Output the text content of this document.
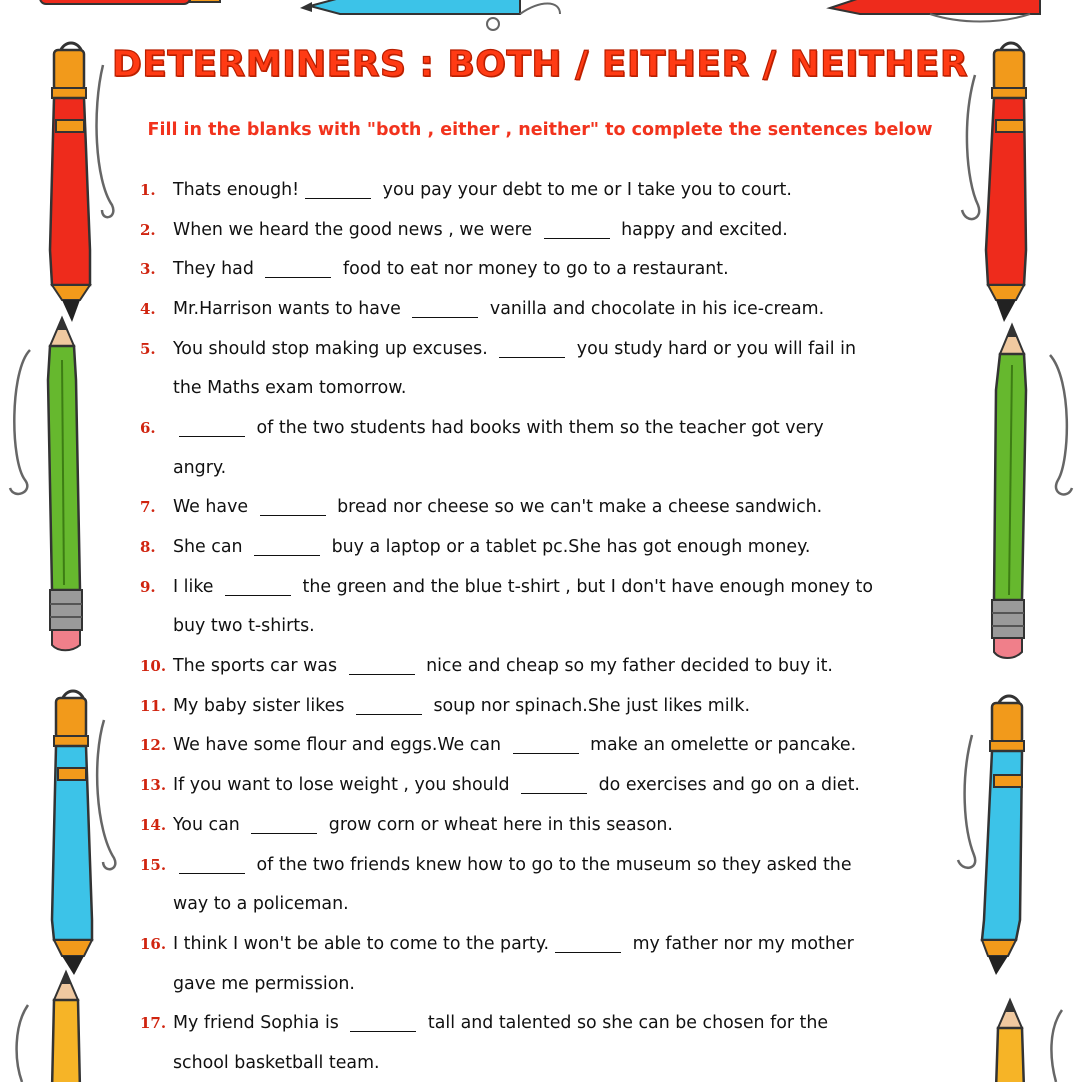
DETERMINERS : BOTH / EITHER / NEITHER
Fill in the blanks with "both , either , neither" to complete the sentences below
1. Thats enough!	you pay your debt to me or I take you to court.
2. When we heard the good news , we were	happy and excited.
3. They had	food to eat nor money to go to a restaurant.
4. Mr.Harrison wants to have	vanilla and chocolate in his ice-cream.
5. You should stop making up excuses.	you study hard or you will fail in
the Maths exam tomorrow.
6.	of the two students had books with them so the teacher got very
angry.
7. We have	bread nor cheese so we can't make a cheese sandwich.
8. She can	buy a laptop or a tablet pc.She has got enough money.
9. I like	the green and the blue t-shirt , but I don't have enough money to
buy two t-shirts.
10. The sports car was	nice and cheap so my father decided to buy it.
11. My baby sister likes	soup nor spinach.She just likes milk.
12. We have some flour and eggs.We can	make an omelette or pancake.
13. If you want to lose weight , you should	do exercises and go on a diet.
14. You can	grow corn or wheat here in this season.
15.	of the two friends knew how to go to the museum so they asked the
way to a policeman.
16. I think I won't be able to come to the party.	my father nor my mother
gave me permission.
17. My friend Sophia is	tall and talented so she can be chosen for the
school basketball team.
